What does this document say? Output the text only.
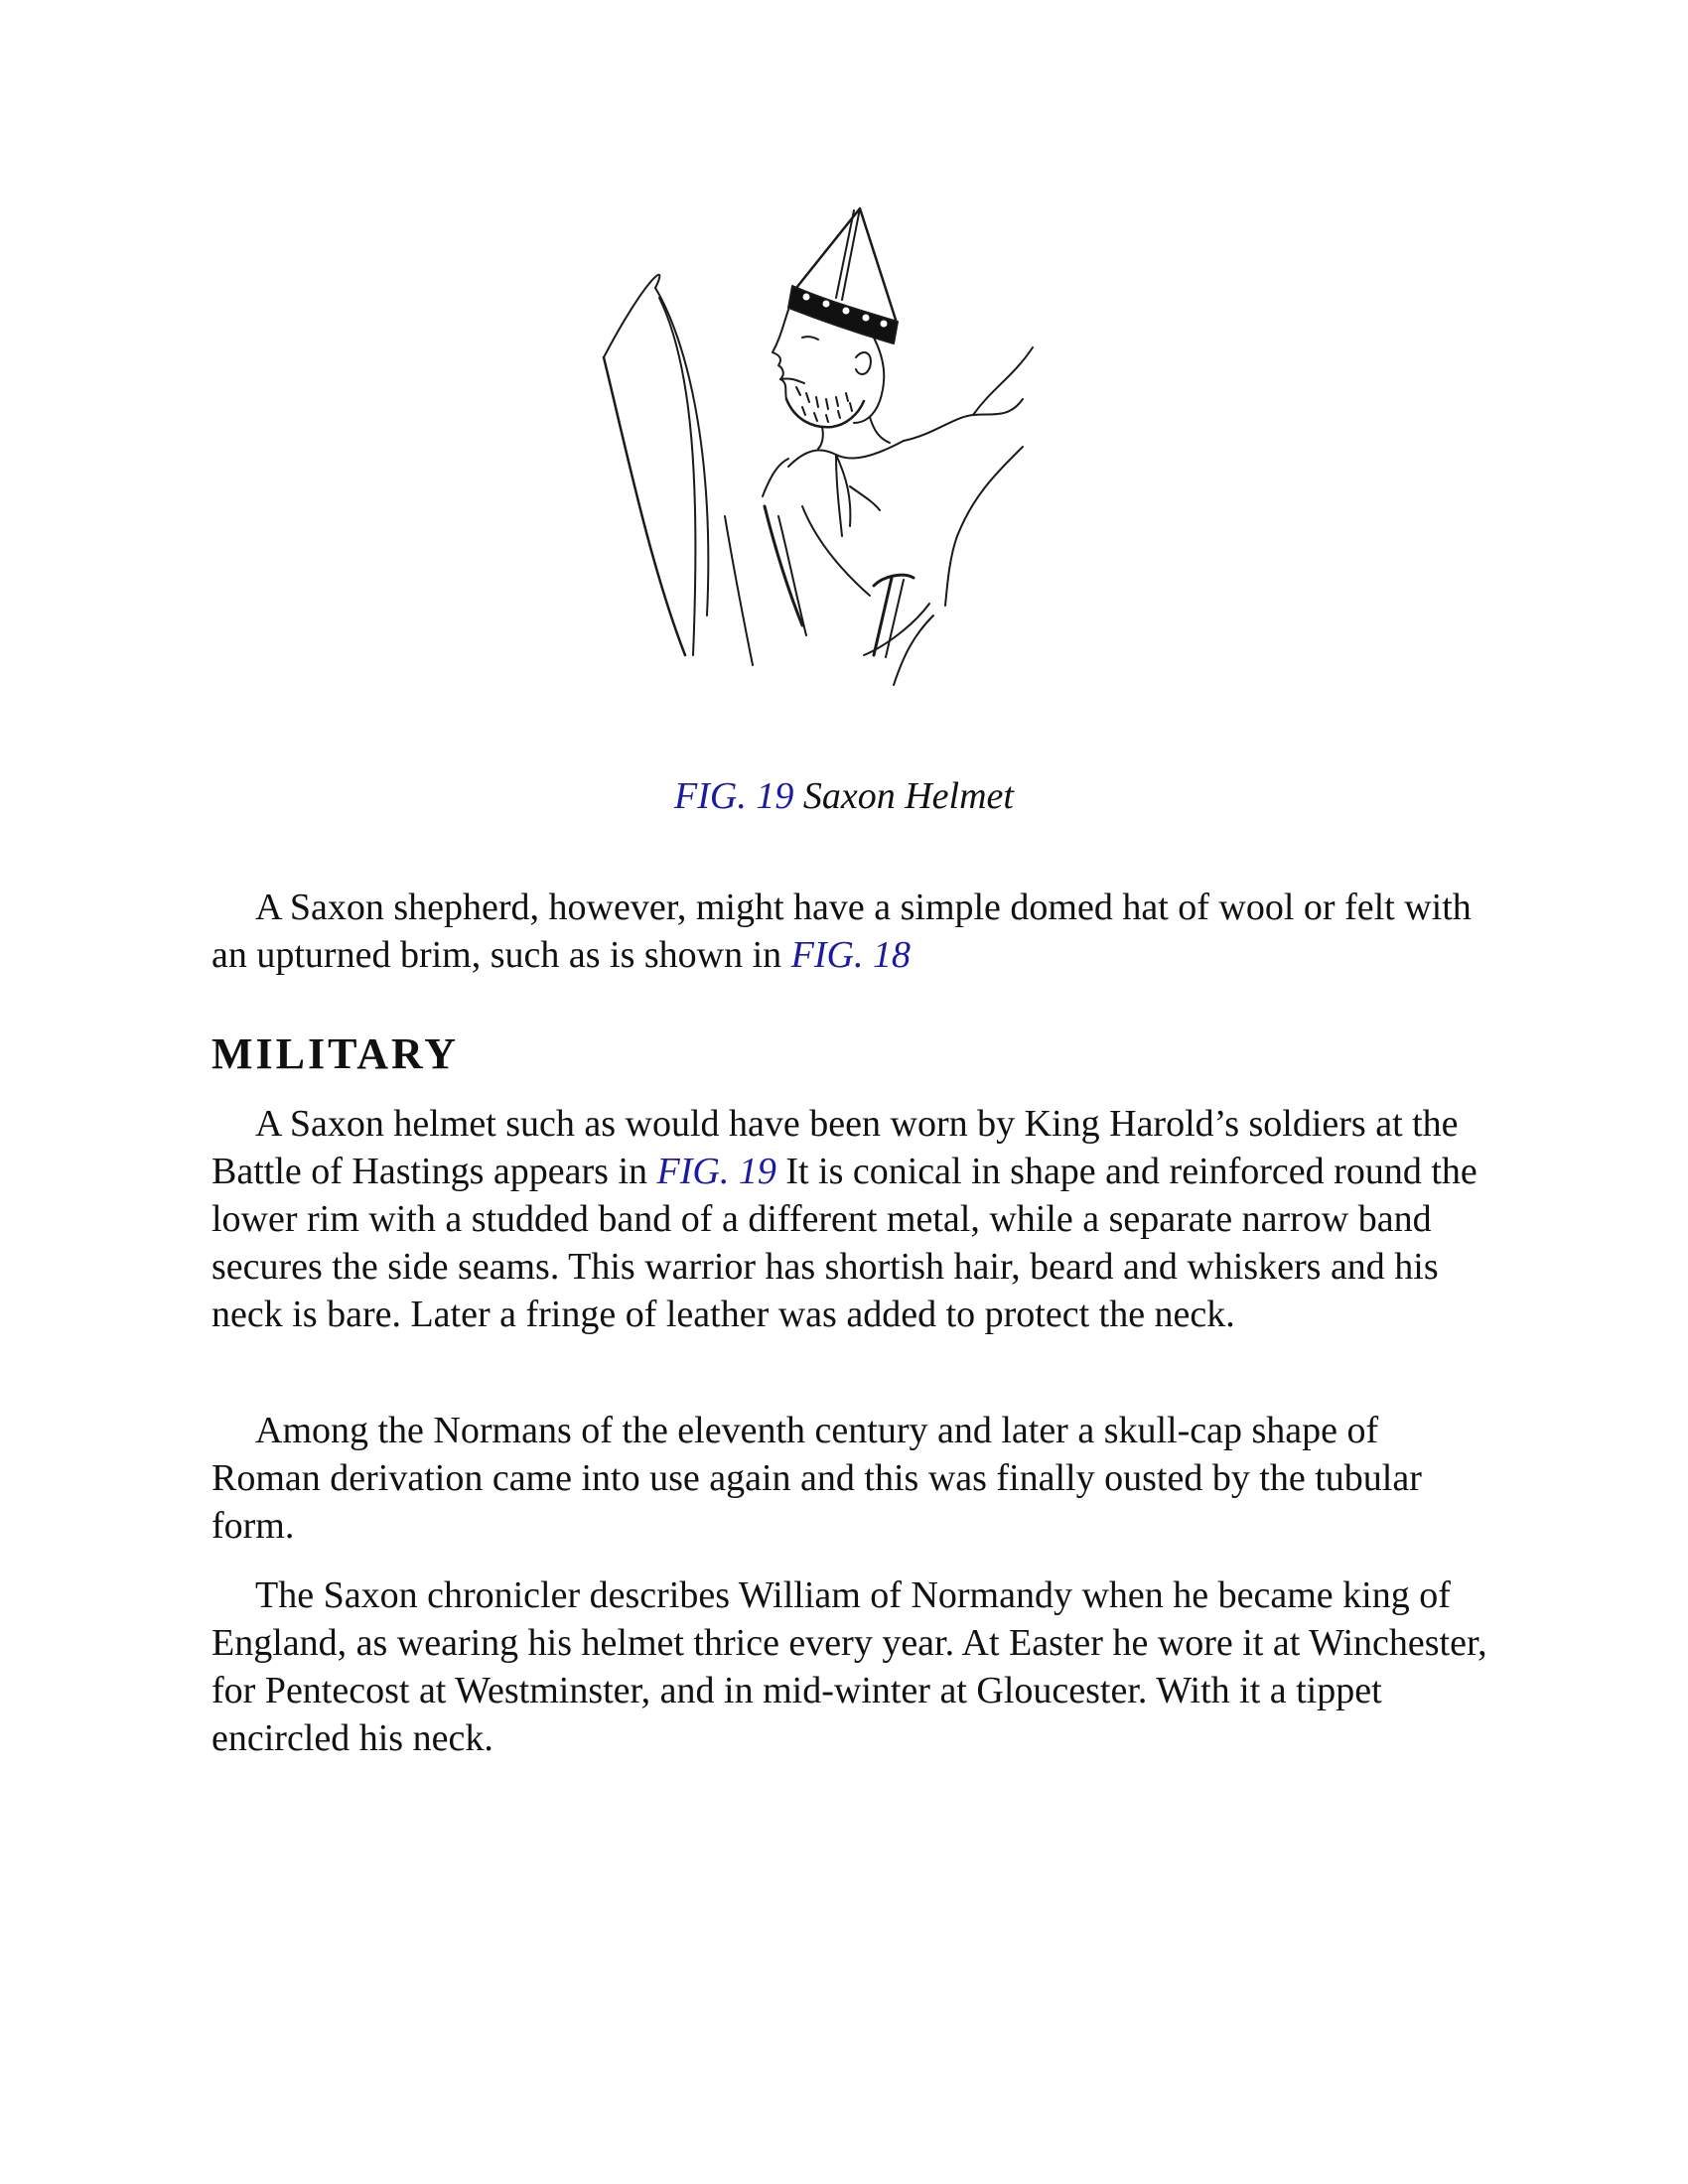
FIG. 19 Saxon Helmet

A Saxon shepherd, however, might have a simple domed hat of wool or felt with an upturned brim, such as is shown in FIG. 18

MILITARY

A Saxon helmet such as would have been worn by King Harold’s soldiers at the Battle of Hastings appears in FIG. 19 It is conical in shape and reinforced round the lower rim with a studded band of a different metal, while a separate narrow band secures the side seams. This warrior has shortish hair, beard and whiskers and his neck is bare. Later a fringe of leather was added to protect the neck.

Among the Normans of the eleventh century and later a skull-cap shape of Roman derivation came into use again and this was finally ousted by the tubular form.

The Saxon chronicler describes William of Normandy when he became king of England, as wearing his helmet thrice every year. At Easter he wore it at Winchester, for Pentecost at Westminster, and in mid-winter at Gloucester. With it a tippet encircled his neck.
